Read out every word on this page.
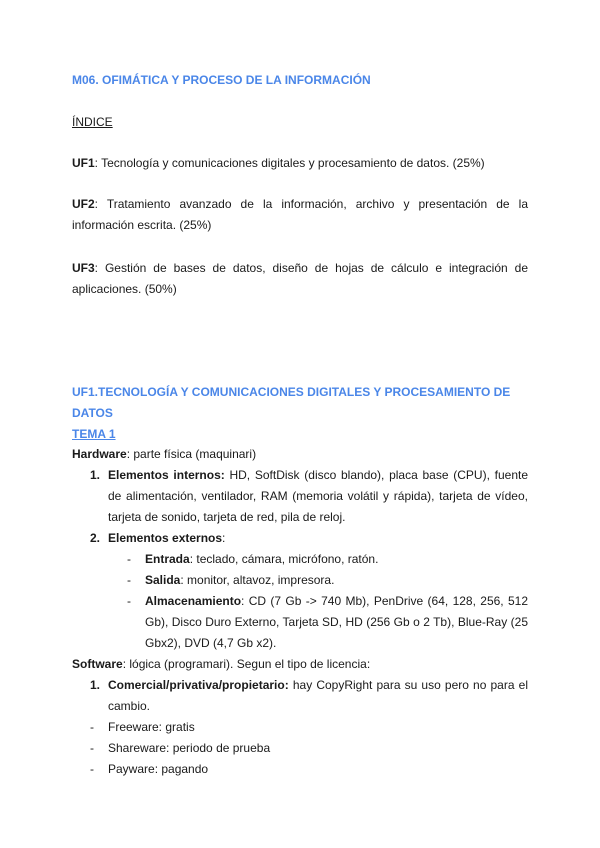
M06. OFIMÁTICA Y PROCESO DE LA INFORMACIÓN
ÍNDICE

UF1: Tecnología y comunicaciones digitales y procesamiento de datos. (25%)

UF2: Tratamiento avanzado de la información, archivo y presentación de la información escrita. (25%)

UF3: Gestión de bases de datos, diseño de hojas de cálculo e integración de aplicaciones. (50%)

UF1.TECNOLOGÍA Y COMUNICACIONES DIGITALES Y PROCESAMIENTO DE DATOS
TEMA 1
Hardware: parte física (maquinari)
1. Elementos internos: HD, SoftDisk (disco blando), placa base (CPU), fuente de alimentación, ventilador, RAM (memoria volátil y rápida), tarjeta de vídeo, tarjeta de sonido, tarjeta de red, pila de reloj.

2. Elementos externos:
- Entrada: teclado, cámara, micrófono, ratón.
- Salida: monitor, altavoz, impresora.
- Almacenamiento: CD (7 Gb -> 740 Mb), PenDrive (64, 128, 256, 512 Gb), Disco Duro Externo, Tarjeta SD, HD (256 Gb o 2 Tb), Blue-Ray (25 Gbx2), DVD (4,7 Gb x2).

Software: lógica (programari). Segun el tipo de licencia:
1. Comercial/privativa/propietario: hay CopyRight para su uso pero no para el cambio.

- Freeware: gratis
- Shareware: periodo de prueba
- Payware: pagando
